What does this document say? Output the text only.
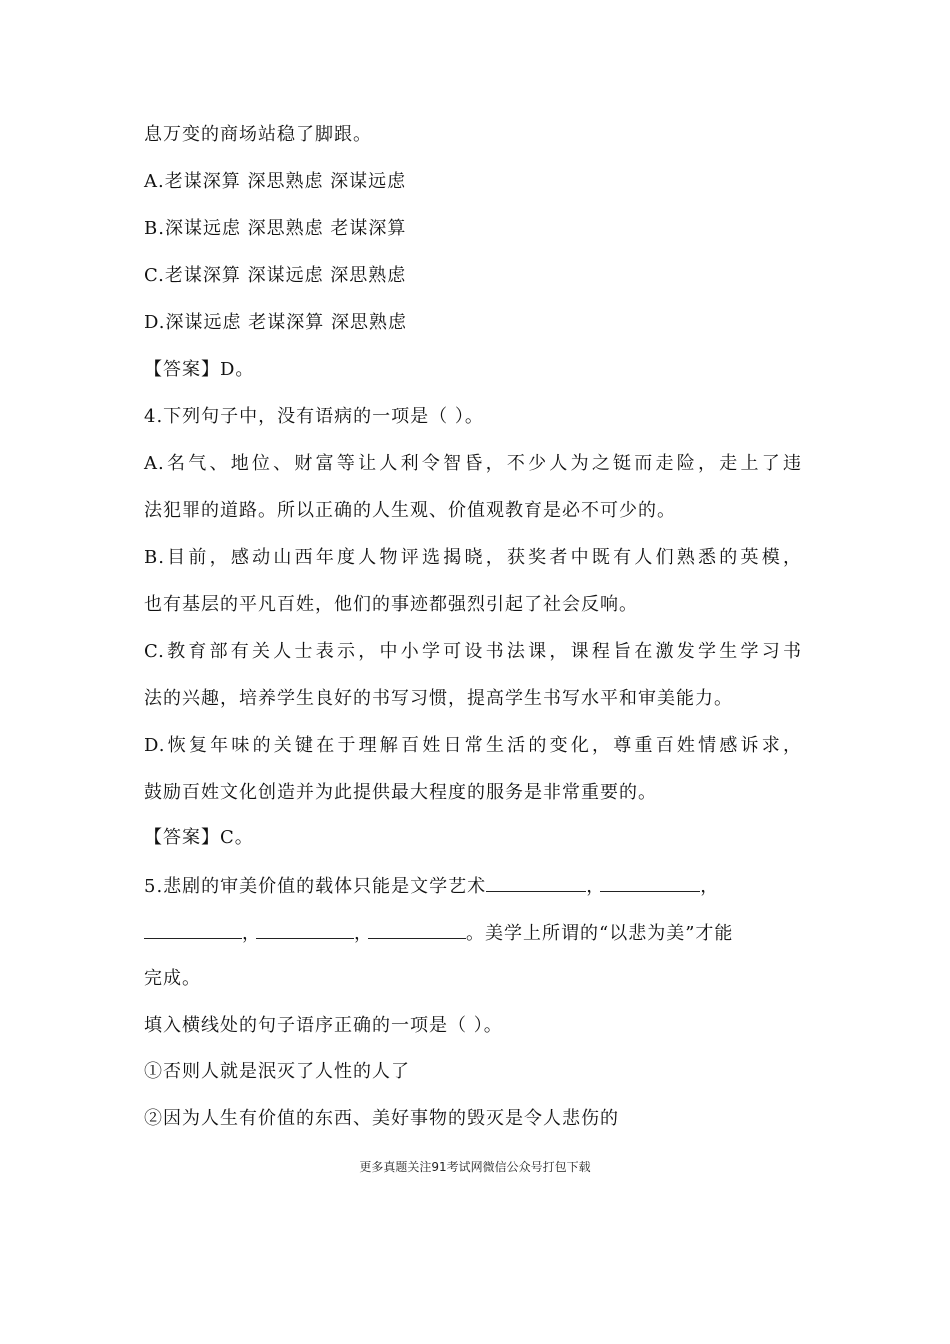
息万变的商场站稳了脚跟。
A.老谋深算 深思熟虑 深谋远虑
B.深谋远虑 深思熟虑 老谋深算
C.老谋深算 深谋远虑 深思熟虑
D.深谋远虑 老谋深算 深思熟虑
【答案】D。
4.下列句子中，没有语病的一项是（ ）。
A.名气、地位、财富等让人利令智昏，不少人为之铤而走险，走上了违
法犯罪的道路。所以正确的人生观、价值观教育是必不可少的。
B.目前，感动山西年度人物评选揭晓，获奖者中既有人们熟悉的英模，
也有基层的平凡百姓，他们的事迹都强烈引起了社会反响。
C.教育部有关人士表示，中小学可设书法课，课程旨在激发学生学习书
法的兴趣，培养学生良好的书写习惯，提高学生书写水平和审美能力。
D.恢复年味的关键在于理解百姓日常生活的变化，尊重百姓情感诉求，
鼓励百姓文化创造并为此提供最大程度的服务是非常重要的。
【答案】C。
5.悲剧的审美价值的载体只能是文学艺术	，	，
，	，	。美学上所谓的“以悲为美”才能
完成。
填入横线处的句子语序正确的一项是（ ）。
①否则人就是泯灭了人性的人了
②因为人生有价值的东西、美好事物的毁灭是令人悲伤的
更多真题关注91考试网微信公众号打包下载
